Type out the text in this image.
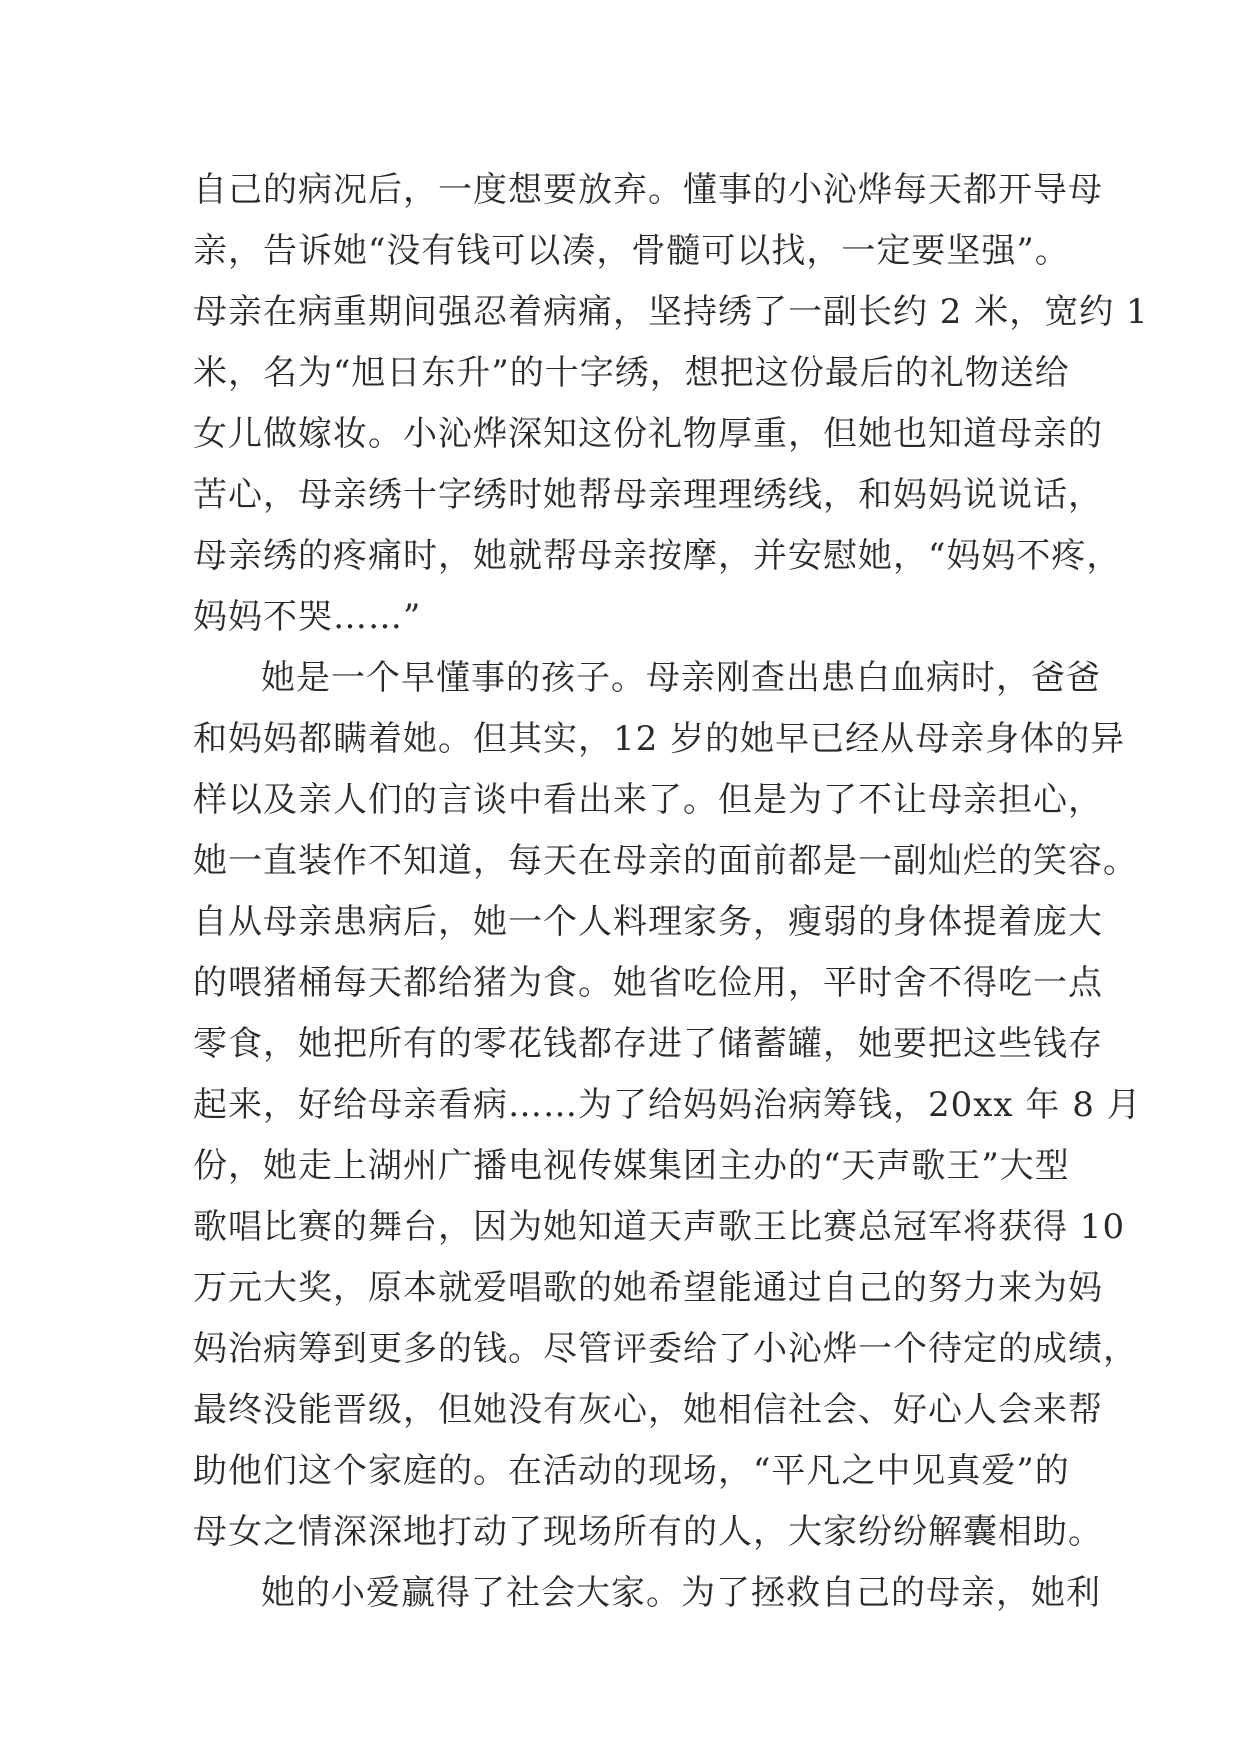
自己的病况后，一度想要放弃。懂事的小沁烨每天都开导母
亲，告诉她“没有钱可以凑，骨髓可以找，一定要坚强”。
母亲在病重期间强忍着病痛，坚持绣了一副长约 2 米，宽约 1
米，名为“旭日东升”的十字绣，想把这份最后的礼物送给
女儿做嫁妆。小沁烨深知这份礼物厚重，但她也知道母亲的
苦心，母亲绣十字绣时她帮母亲理理绣线，和妈妈说说话，
母亲绣的疼痛时，她就帮母亲按摩，并安慰她，“妈妈不疼，
妈妈不哭……”
她是一个早懂事的孩子。母亲刚查出患白血病时，爸爸
和妈妈都瞒着她。但其实，12 岁的她早已经从母亲身体的异
样以及亲人们的言谈中看出来了。但是为了不让母亲担心，
她一直装作不知道，每天在母亲的面前都是一副灿烂的笑容。
自从母亲患病后，她一个人料理家务，瘦弱的身体提着庞大
的喂猪桶每天都给猪为食。她省吃俭用，平时舍不得吃一点
零食，她把所有的零花钱都存进了储蓄罐，她要把这些钱存
起来，好给母亲看病……为了给妈妈治病筹钱，20xx 年 8 月
份，她走上湖州广播电视传媒集团主办的“天声歌王”大型
歌唱比赛的舞台，因为她知道天声歌王比赛总冠军将获得 10
万元大奖，原本就爱唱歌的她希望能通过自己的努力来为妈
妈治病筹到更多的钱。尽管评委给了小沁烨一个待定的成绩，
最终没能晋级，但她没有灰心，她相信社会、好心人会来帮
助他们这个家庭的。在活动的现场，“平凡之中见真爱”的
母女之情深深地打动了现场所有的人，大家纷纷解囊相助。
她的小爱赢得了社会大家。为了拯救自己的母亲，她利
